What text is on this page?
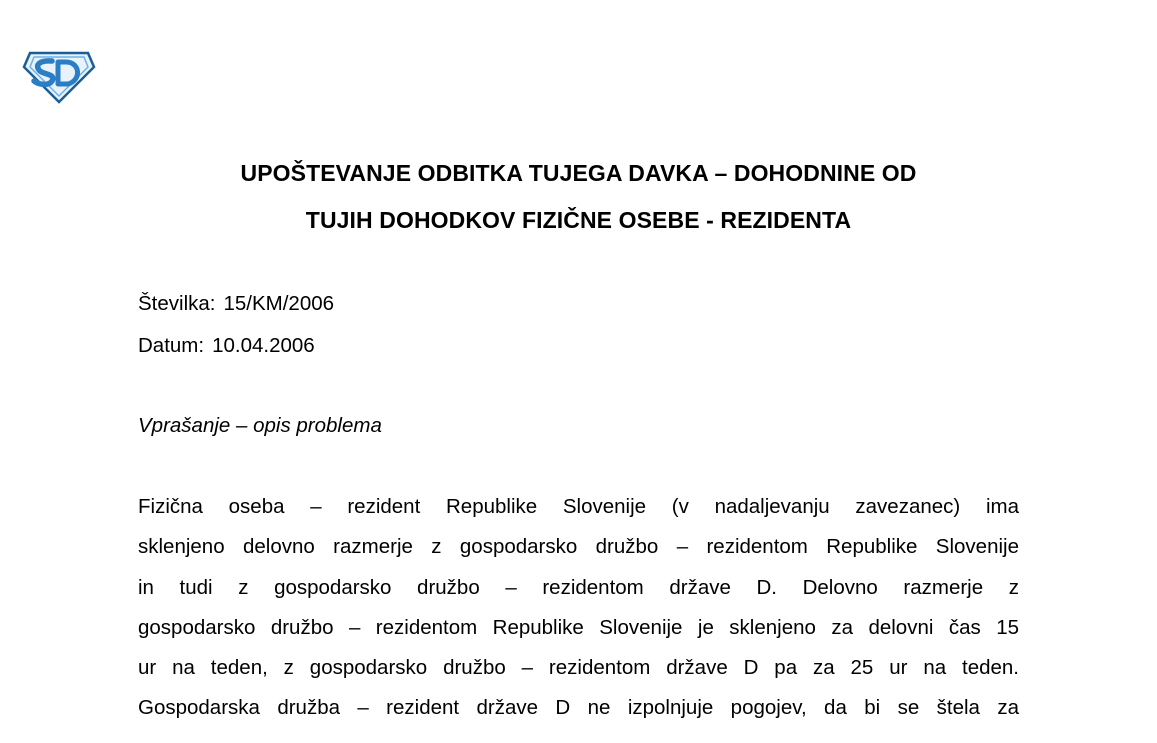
UPOŠTEVANJE ODBITKA TUJEGA DAVKA – DOHODNINE OD
TUJIH DOHODKOV FIZIČNE OSEBE - REZIDENTA
Številka: 15/KM/2006
Datum: 10.04.2006
Vprašanje – opis problema
Fizična oseba – rezident Republike Slovenije (v nadaljevanju zavezanec) ima
sklenjeno delovno razmerje z gospodarsko družbo – rezidentom Republike Slovenije
in tudi z gospodarsko družbo – rezidentom države D. Delovno razmerje z
gospodarsko družbo – rezidentom Republike Slovenije je sklenjeno za delovni čas 15
ur na teden, z gospodarsko družbo – rezidentom države D pa za 25 ur na teden.
Gospodarska družba – rezident države D ne izpolnjuje pogojev, da bi se štela za
